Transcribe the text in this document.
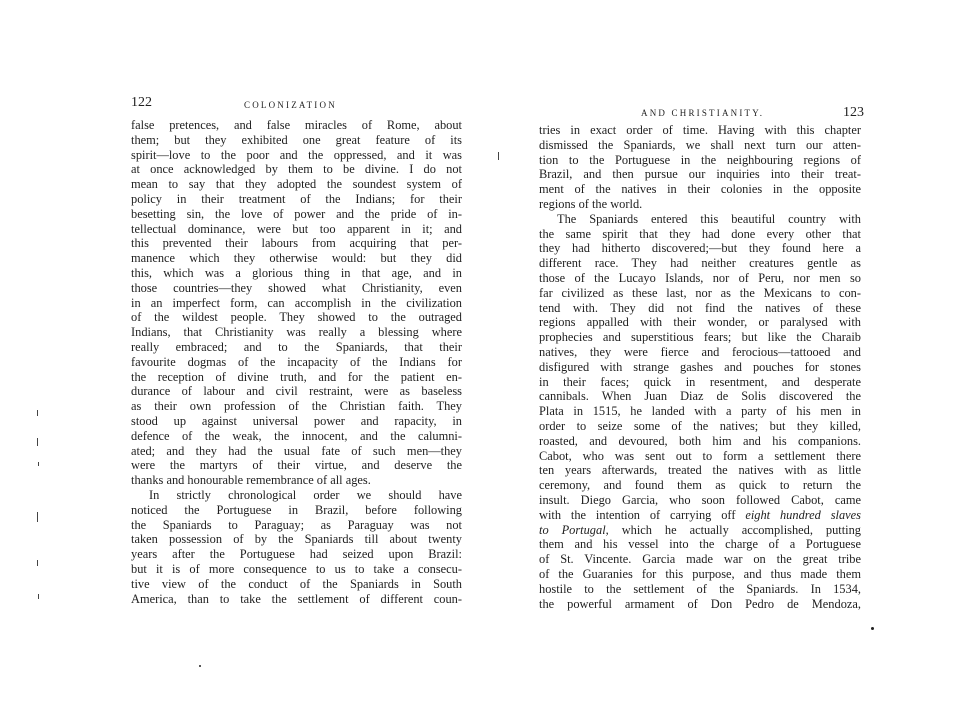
122	COLONIZATION
false pretences, and false miracles of Rome, about
them; but they exhibited one great feature of its
spirit—love to the poor and the oppressed, and it was
at once acknowledged by them to be divine. I do not
mean to say that they adopted the soundest system of
policy in their treatment of the Indians; for their
besetting sin, the love of power and the pride of in-
tellectual dominance, were but too apparent in it; and
this prevented their labours from acquiring that per-
manence which they otherwise would: but they did
this, which was a glorious thing in that age, and in
those countries—they showed what Christianity, even
in an imperfect form, can accomplish in the civilization
of the wildest people. They showed to the outraged
Indians, that Christianity was really a blessing where
really embraced; and to the Spaniards, that their
favourite dogmas of the incapacity of the Indians for
the reception of divine truth, and for the patient en-
durance of labour and civil restraint, were as baseless
as their own profession of the Christian faith. They
stood up against universal power and rapacity, in
defence of the weak, the innocent, and the calumni-
ated; and they had the usual fate of such men—they
were the martyrs of their virtue, and deserve the
thanks and honourable remembrance of all ages.
In strictly chronological order we should have
noticed the Portuguese in Brazil, before following
the Spaniards to Paraguay; as Paraguay was not
taken possession of by the Spaniards till about twenty
years after the Portuguese had seized upon Brazil:
but it is of more consequence to us to take a consecu-
tive view of the conduct of the Spaniards in South
America, than to take the settlement of different coun-
AND CHRISTIANITY.	123
tries in exact order of time. Having with this chapter
dismissed the Spaniards, we shall next turn our atten-
tion to the Portuguese in the neighbouring regions of
Brazil, and then pursue our inquiries into their treat-
ment of the natives in their colonies in the opposite
regions of the world.
The Spaniards entered this beautiful country with
the same spirit that they had done every other that
they had hitherto discovered;—but they found here a
different race. They had neither creatures gentle as
those of the Lucayo Islands, nor of Peru, nor men so
far civilized as these last, nor as the Mexicans to con-
tend with. They did not find the natives of these
regions appalled with their wonder, or paralysed with
prophecies and superstitious fears; but like the Charaib
natives, they were fierce and ferocious—tattooed and
disfigured with strange gashes and pouches for stones
in their faces; quick in resentment, and desperate
cannibals. When Juan Diaz de Solis discovered the
Plata in 1515, he landed with a party of his men in
order to seize some of the natives; but they killed,
roasted, and devoured, both him and his companions.
Cabot, who was sent out to form a settlement there
ten years afterwards, treated the natives with as little
ceremony, and found them as quick to return the
insult. Diego Garcia, who soon followed Cabot, came
with the intention of carrying off eight hundred slaves
to Portugal, which he actually accomplished, putting
them and his vessel into the charge of a Portuguese
of St. Vincente. Garcia made war on the great tribe
of the Guaranies for this purpose, and thus made them
hostile to the settlement of the Spaniards. In 1534,
the powerful armament of Don Pedro de Mendoza,
